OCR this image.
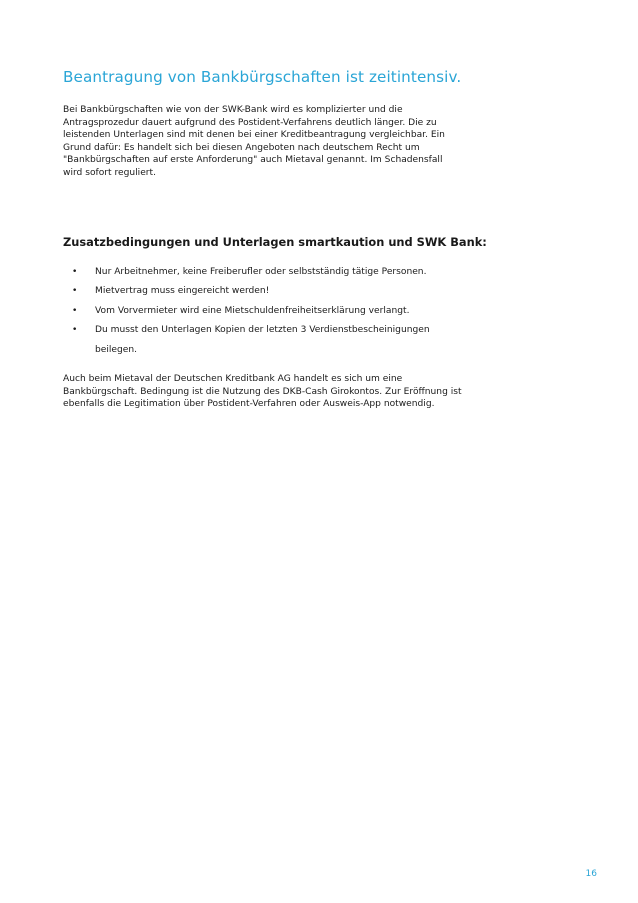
Beantragung von Bankbürgschaften ist zeitintensiv.

Bei Bankbürgschaften wie von der SWK-Bank wird es komplizierter und die
Antragsprozedur dauert aufgrund des Postident-Verfahrens deutlich länger. Die zu
leistenden Unterlagen sind mit denen bei einer Kreditbeantragung vergleichbar. Ein
Grund dafür: Es handelt sich bei diesen Angeboten nach deutschem Recht um
"Bankbürgschaften auf erste Anforderung" auch Mietaval genannt. Im Schadensfall
wird sofort reguliert.

Zusatzbedingungen und Unterlagen smartkaution und SWK Bank:
• Nur Arbeitnehmer, keine Freiberufler oder selbstständig tätige Personen.
• Mietvertrag muss eingereicht werden!
• Vom Vorvermieter wird eine Mietschuldenfreiheitserklärung verlangt.
• Du musst den Unterlagen Kopien der letzten 3 Verdienstbescheinigungen
beilegen.

Auch beim Mietaval der Deutschen Kreditbank AG handelt es sich um eine
Bankbürgschaft. Bedingung ist die Nutzung des DKB-Cash Girokontos. Zur Eröffnung ist
ebenfalls die Legitimation über Postident-Verfahren oder Ausweis-App notwendig.

16
